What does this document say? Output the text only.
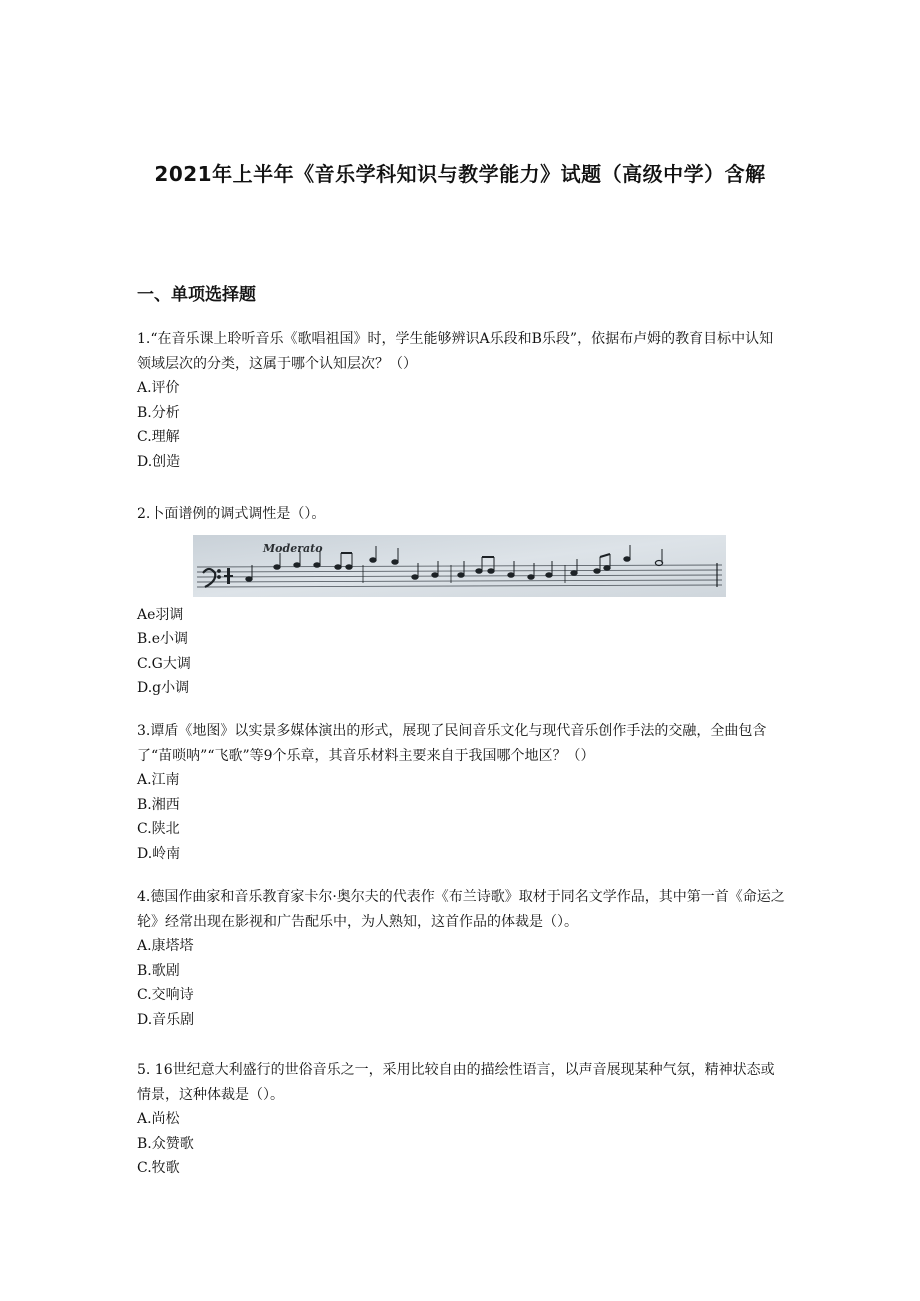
2021年上半年《音乐学科知识与教学能力》试题（高级中学）含解
一、单项选择题
1.“在音乐课上聆听音乐《歌唱祖国》时，学生能够辨识A乐段和B乐段”，依据布卢姆的教育目标中认知领域层次的分类，这属于哪个认知层次？（）
A.评价
B.分析
C.理解
D.创造
2.卜面谱例的调式调性是（）。
Moderato
Ae羽调
B.e小调
C.G大调
D.g小调
3.谭盾《地图》以实景多媒体演出的形式，展现了民间音乐文化与现代音乐创作手法的交融，全曲包含了“苗唢呐”“飞歌”等9个乐章，其音乐材料主要来自于我国哪个地区？（）
A.江南
B.湘西
C.陕北
D.岭南
4.德国作曲家和音乐教育家卡尔·奥尔夫的代表作《布兰诗歌》取材于同名文学作品，其中第一首《命运之轮》经常出现在影视和广告配乐中，为人熟知，这首作品的体裁是（）。
A.康塔塔
B.歌剧
C.交响诗
D.音乐剧
5. 16世纪意大利盛行的世俗音乐之一，采用比较自由的描绘性语言，以声音展现某种气氛，精神状态或情景，这种体裁是（）。
A.尚松
B.众赞歌
C.牧歌
